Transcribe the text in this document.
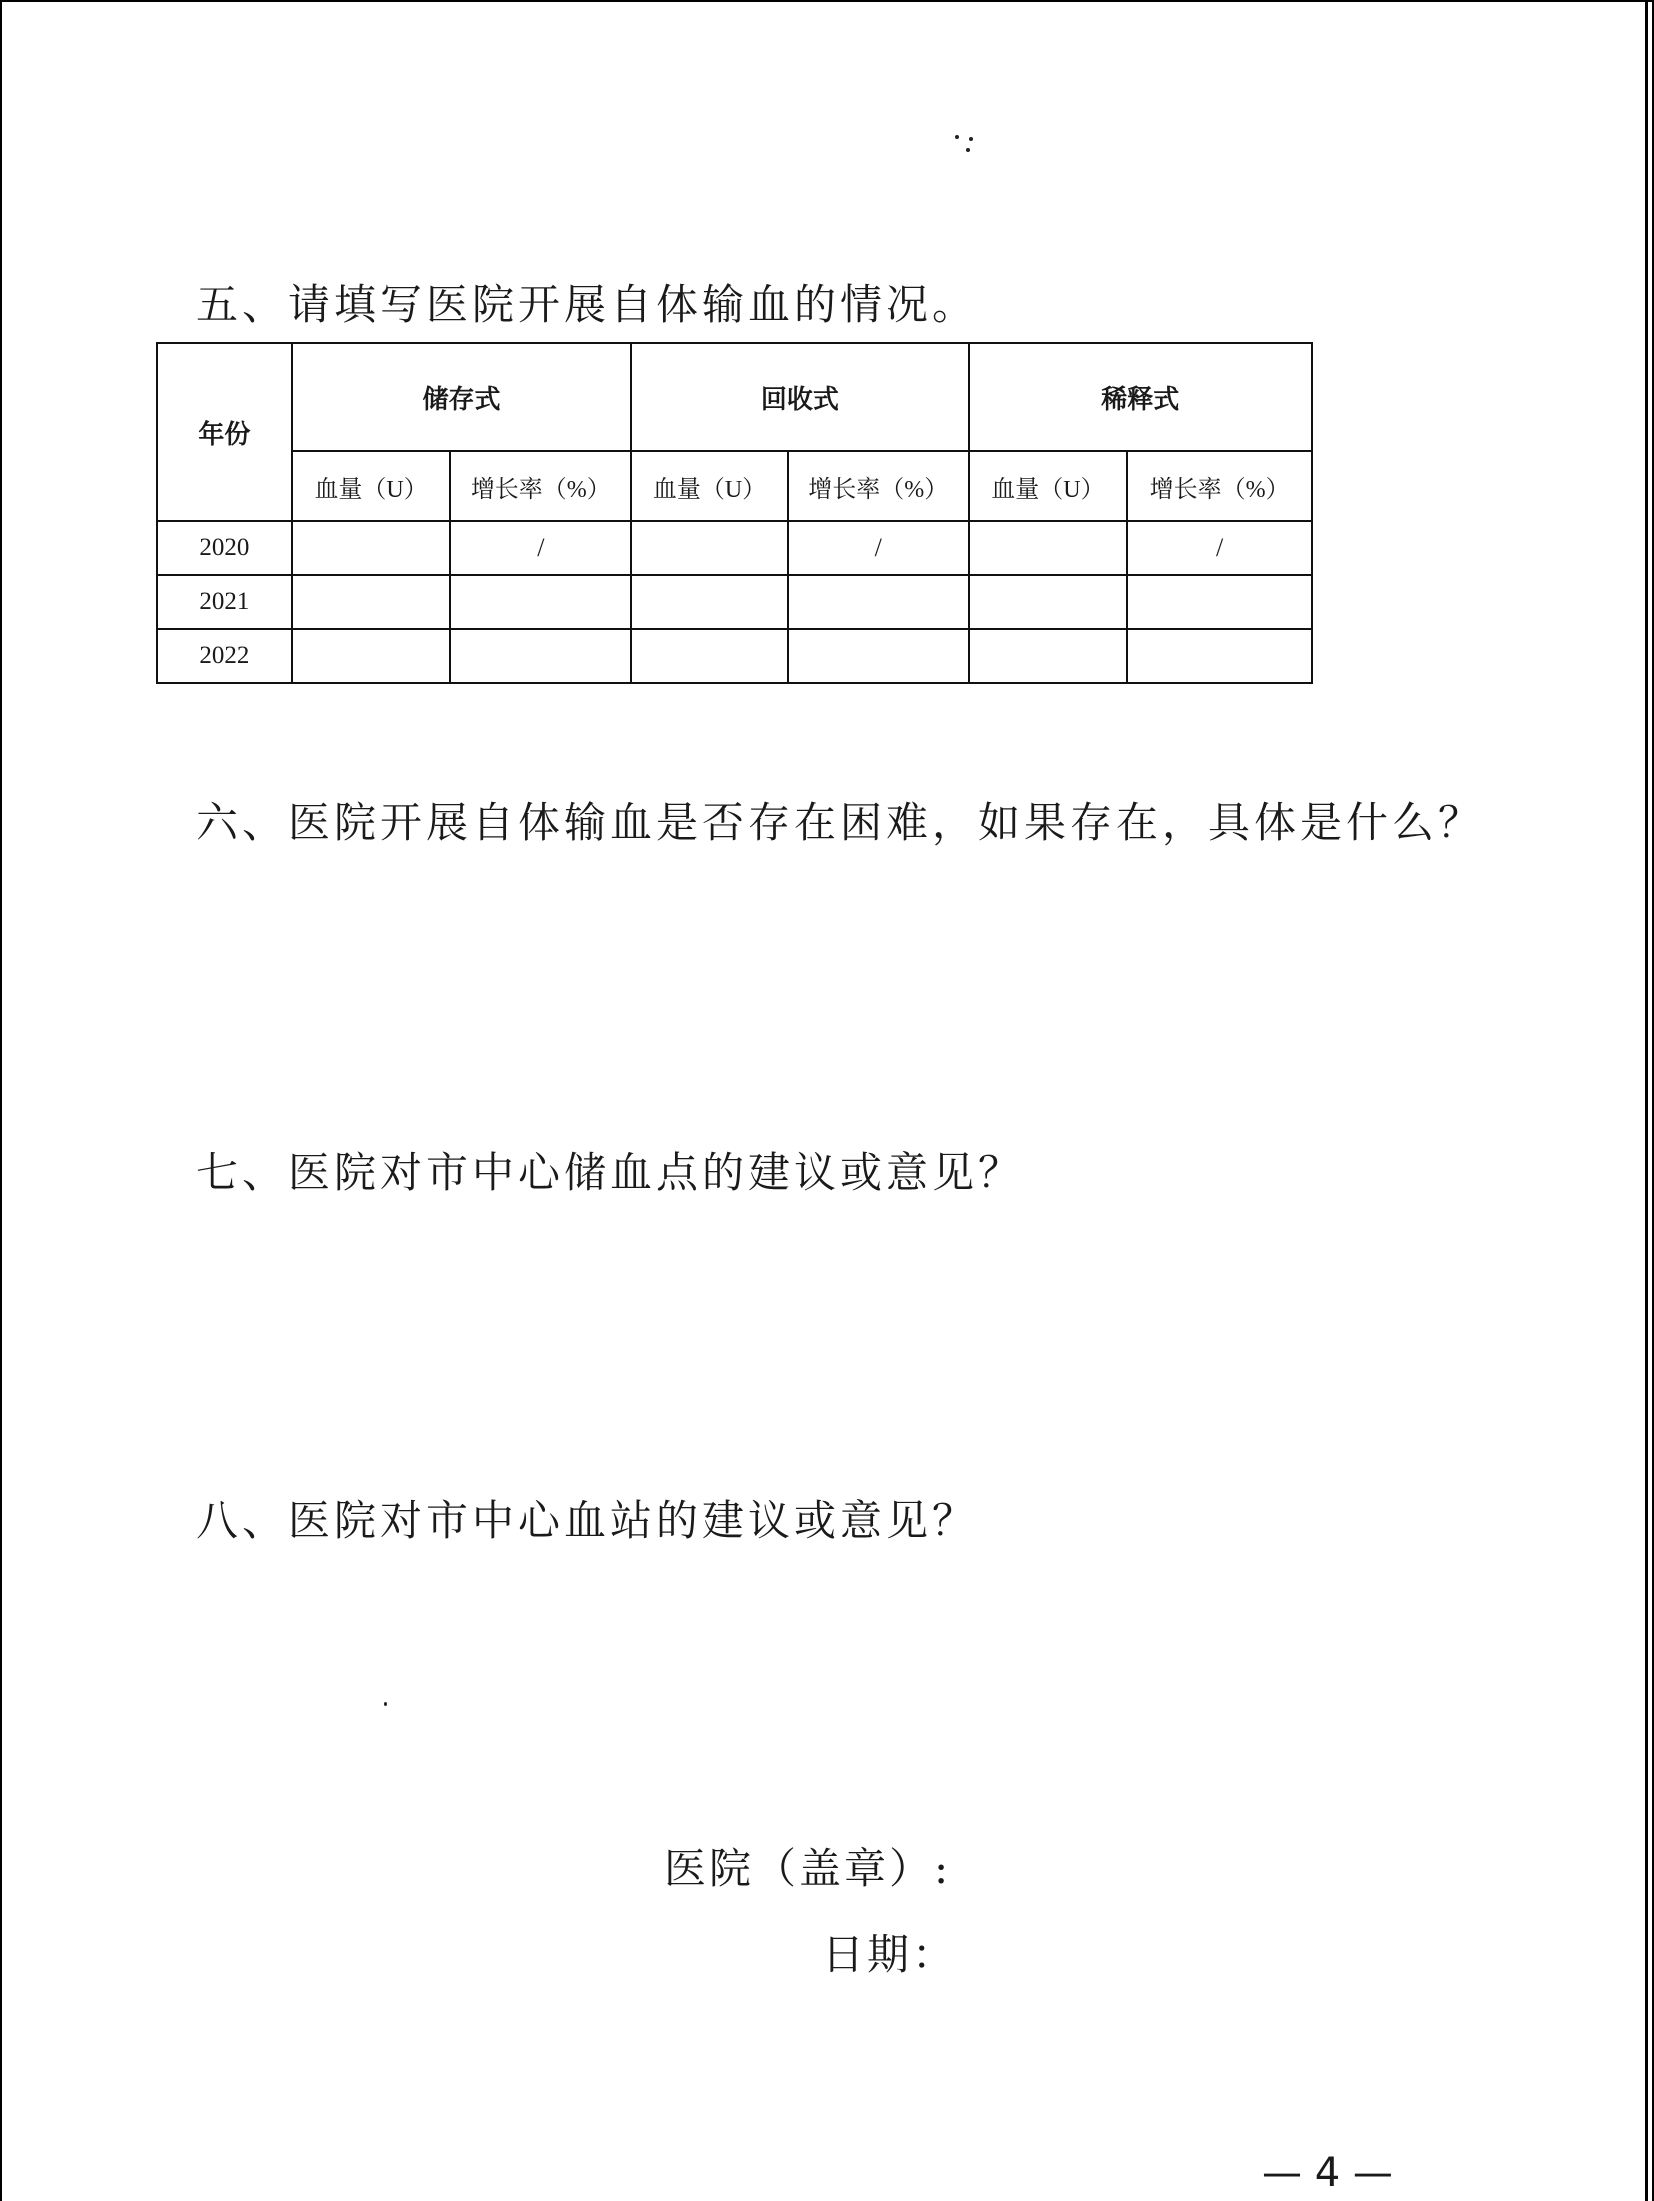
五、请填写医院开展自体输血的情况。
年份	储存式		回收式		稀释式	
	血量（U）	增长率（%）	血量（U）	增长率（%）	血量（U）	增长率（%）
2020		/		/		/
2021						
2022						
六、医院开展自体输血是否存在困难，如果存在，具体是什么？
七、医院对市中心储血点的建议或意见？
八、医院对市中心血站的建议或意见？
医院（盖章）:
日期：
— 4 —
